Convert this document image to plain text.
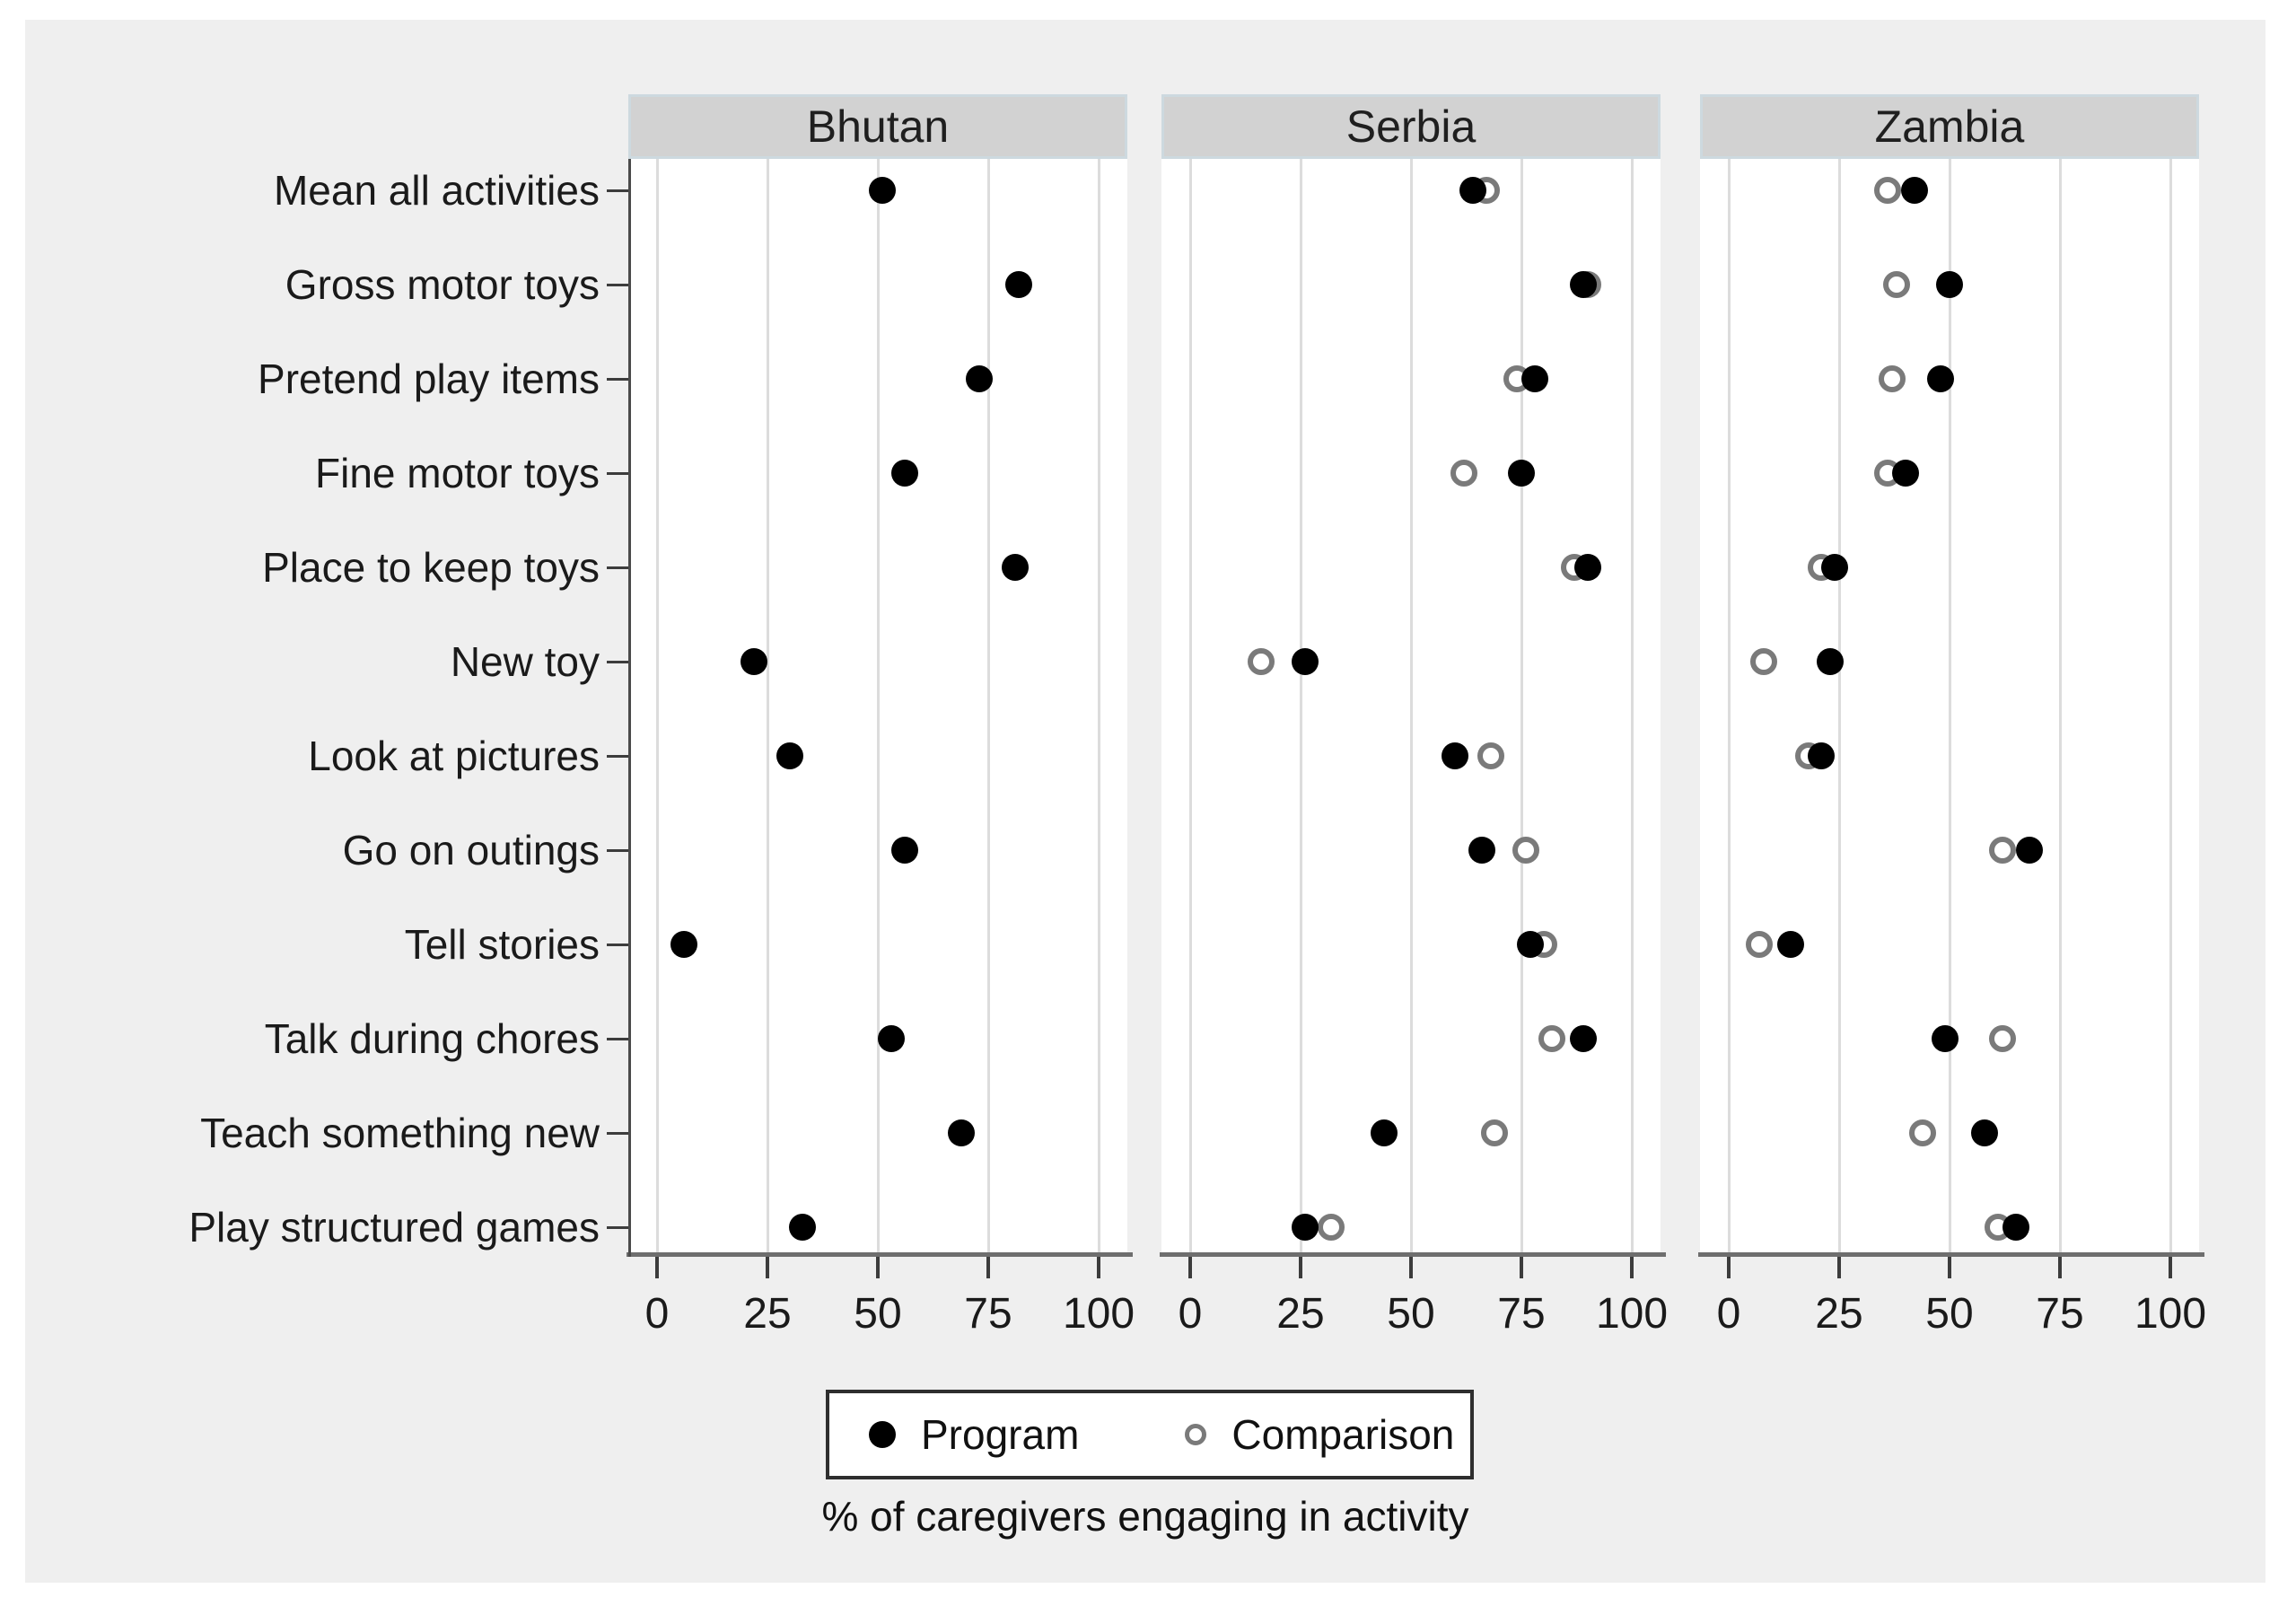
Bhutan
0	25	50	75	100
Serbia
0	25	50	75	100
Zambia
0	25	50	75	100
Mean all activities
Gross motor toys
Pretend play items
Fine motor toys
Place to keep toys
New toy
Look at pictures
Go on outings
Tell stories
Talk during chores
Teach something new
Play structured games
Program	Comparison
% of caregivers engaging in activity
